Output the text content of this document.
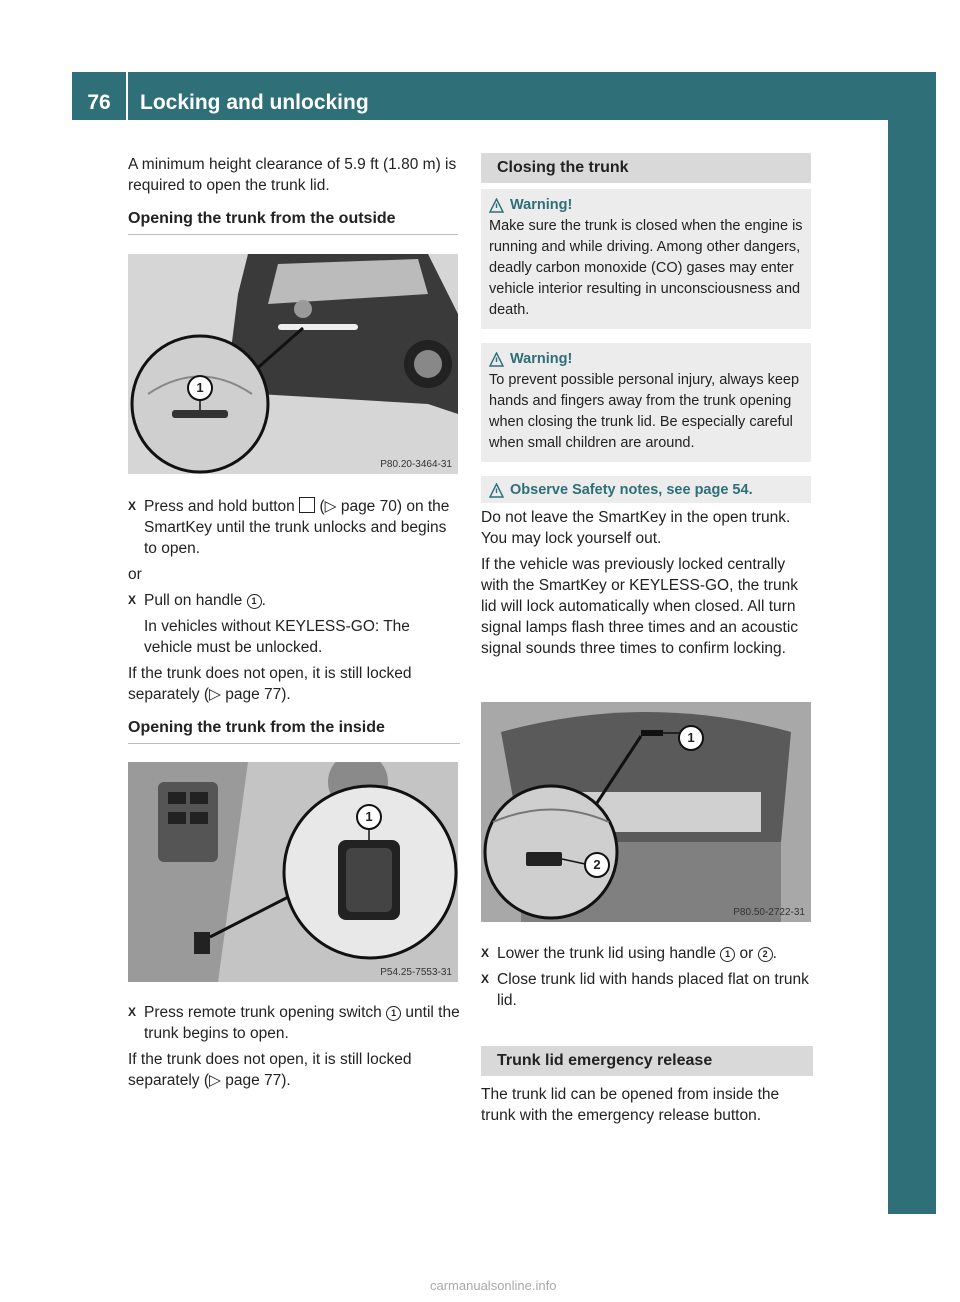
76	Locking and unlocking
Controls in detail

A minimum height clearance of 5.9 ft (1.80 m) is required to open the trunk lid.

Opening the trunk from the outside

1
P80.20-3464-31

X Press and hold button (▷ page 70) on the SmartKey until the trunk unlocks and begins to open.

or

X Pull on handle 1 .

In vehicles without KEYLESS-GO: The vehicle must be unlocked.

If the trunk does not open, it is still locked separately (▷ page 77).

Opening the trunk from the inside

1
P54.25-7553-31

X Press remote trunk opening switch 1 until the trunk begins to open.

If the trunk does not open, it is still locked separately (▷ page 77).

Closing the trunk
Warning!

Make sure the trunk is closed when the engine is running and while driving. Among other dangers, deadly carbon monoxide (CO) gases may enter vehicle interior resulting in unconsciousness and death.

Warning!

To prevent possible personal injury, always keep hands and fingers away from the trunk opening when closing the trunk lid. Be especially careful when small children are around.

Observe Safety notes, see page 54.

Do not leave the SmartKey in the open trunk. You may lock yourself out.

If the vehicle was previously locked centrally with the SmartKey or KEYLESS-GO, the trunk lid will lock automatically when closed. All turn signal lamps flash three times and an acoustic signal sounds three times to confirm locking.

1
2
P80.50-2722-31

X Lower the trunk lid using handle 1 or 2 .

X Close trunk lid with hands placed flat on trunk lid.

Trunk lid emergency release

The trunk lid can be opened from inside the trunk with the emergency release button.

carmanualsonline.info
